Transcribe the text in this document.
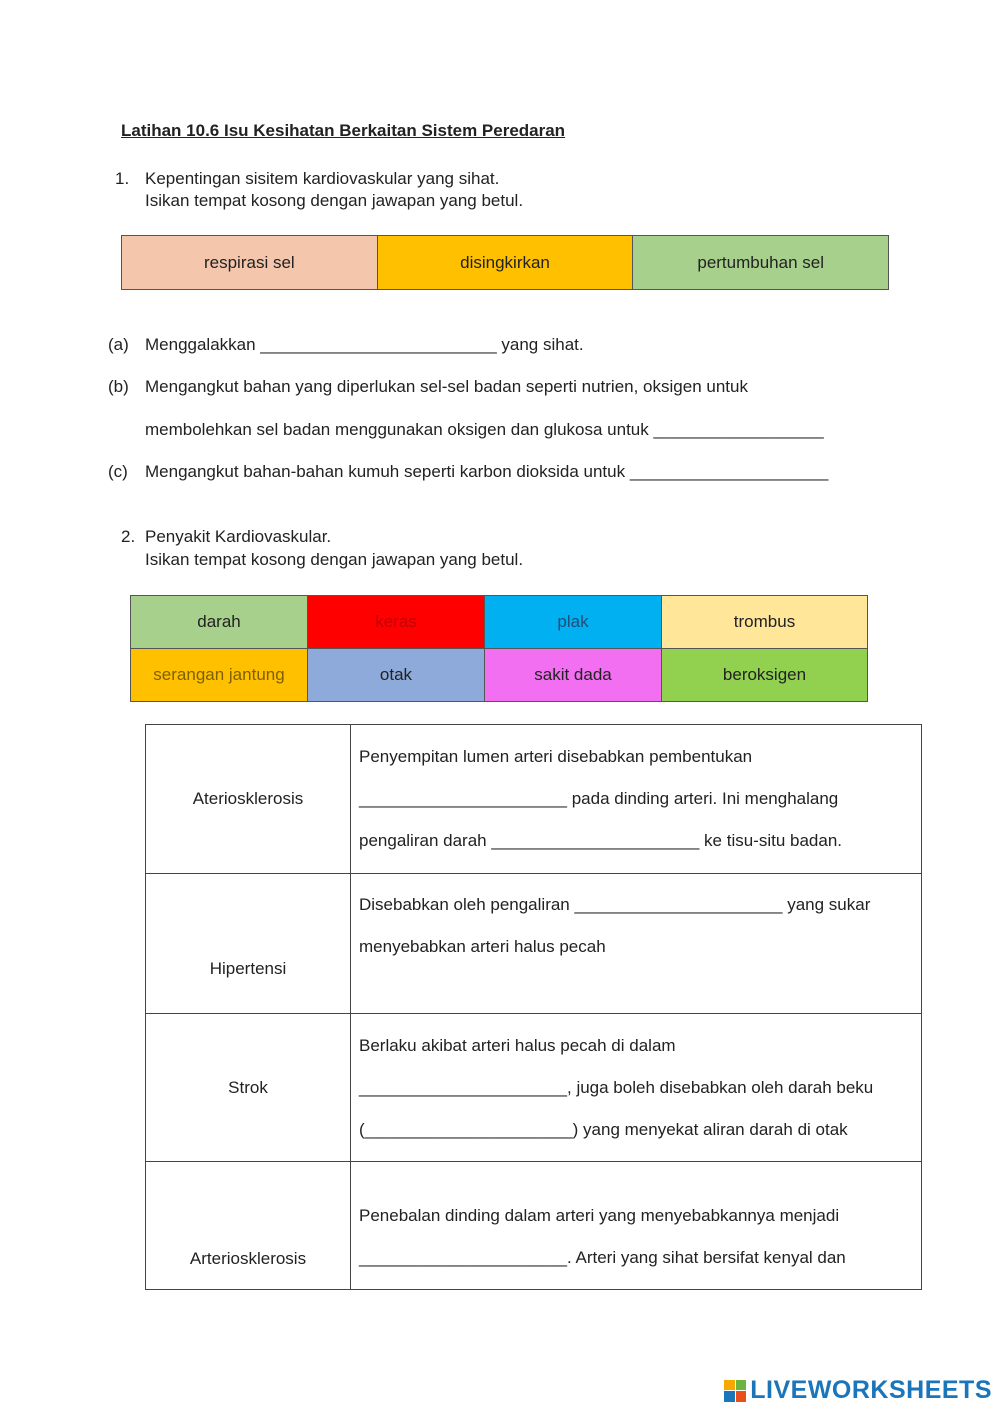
Latihan 10.6 Isu Kesihatan Berkaitan Sistem Peredaran
1. Kepentingan sisitem kardiovaskular yang sihat.
Isikan tempat kosong dengan jawapan yang betul.
respirasi sel	disingkirkan	pertumbuhan sel
(a) Menggalakkan _________________________ yang sihat.
(b) Mengangkut bahan yang diperlukan sel-sel badan seperti nutrien, oksigen untuk
membolehkan sel badan menggunakan oksigen dan glukosa untuk __________________
(c) Mengangkut bahan-bahan kumuh seperti karbon dioksida untuk _____________________
2. Penyakit Kardiovaskular.
Isikan tempat kosong dengan jawapan yang betul.
darah	keras	plak	trombus
serangan jantung	otak	sakit dada	beroksigen
Ateriosklerosis	Penyempitan lumen arteri disebabkan pembentukan
______________________ pada dinding arteri. Ini menghalang
pengaliran darah ______________________ ke tisu-situ badan.

Hipertensi	Disebabkan oleh pengaliran ______________________ yang sukar
menyebabkan arteri halus pecah

Strok	Berlaku akibat arteri halus pecah di dalam
______________________, juga boleh disebabkan oleh darah beku
(______________________) yang menyekat aliran darah di otak

Arteriosklerosis	Penebalan dinding dalam arteri yang menyebabkannya menjadi
______________________. Arteri yang sihat bersifat kenyal dan
LIVEWORKSHEETS
